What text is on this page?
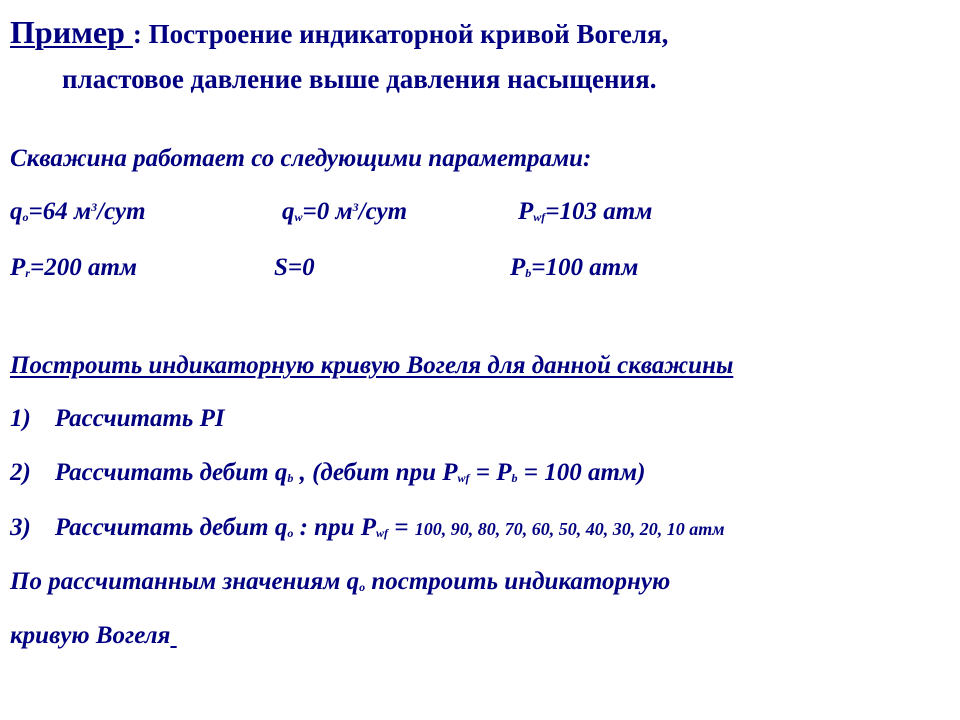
Пример : Построение индикаторной кривой Вогеля,
пластовое давление выше давления насыщения.
Скважина работает со следующими параметрами:
qo=64 $м^3$/сут	qw=0 $м^3$/сут	Pwf=103 атм
Pr=200 атм	S=0	Pb=100 атм
Построить индикаторную кривую Вогеля для данной скважины
1) Рассчитать PI
2) Рассчитать дебит qb , (дебит при Pwf = Pb = 100 атм)
3) Рассчитать дебит qo : при Pwf = 100, 90, 80, 70, 60, 50, 40, 30, 20, 10 атм
По рассчитанным значениям qo построить индикаторную
кривую Вогеля
